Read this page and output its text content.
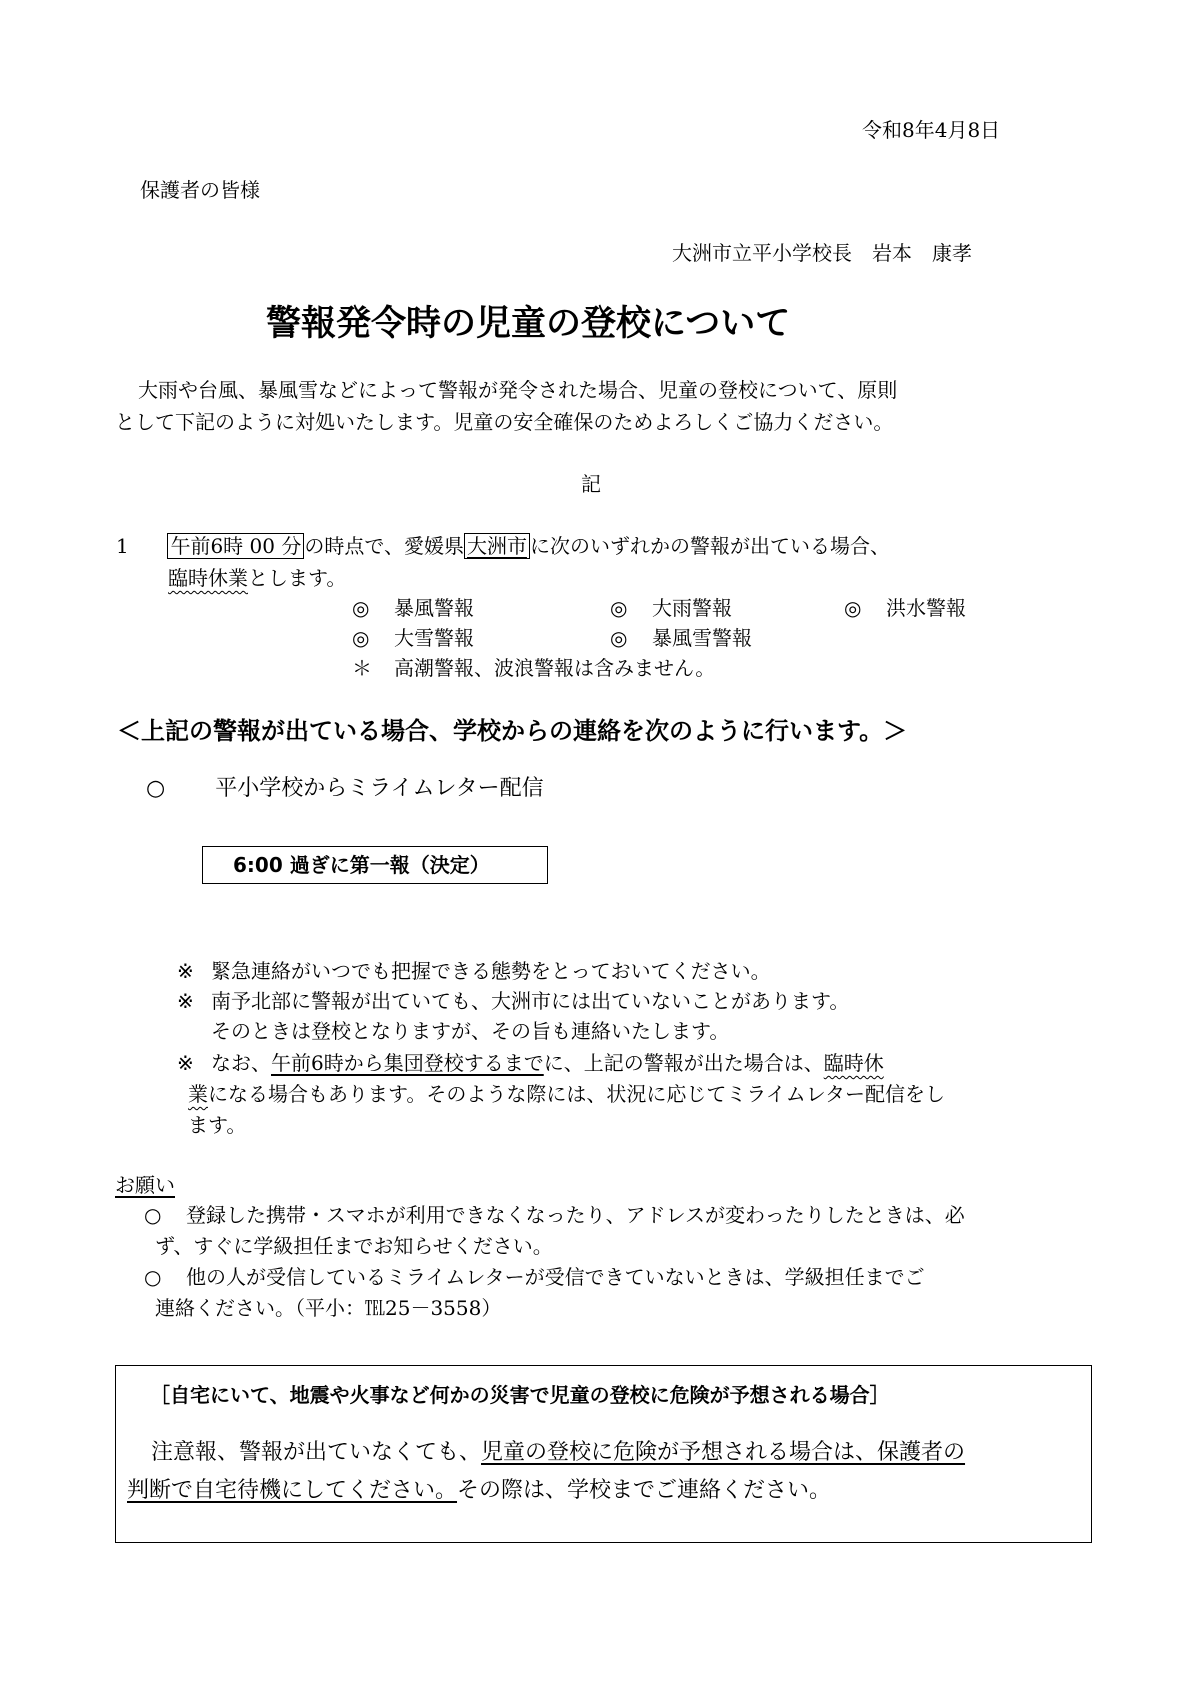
令和8年4月8日
保護者の皆様
大洲市立平小学校長　岩本　康孝
警報発令時の児童の登校について
大雨や台風、暴風雪などによって警報が発令された場合、児童の登校について、原則
として下記のように対処いたします。児童の安全確保のためよろしくご協力ください。
記
1 午前6時 00 分 の時点で、愛媛県 大洲市 に次のいずれかの警報が出ている場合、
臨時休業とします。
◎ 暴風警報	◎ 大雨警報	◎ 洪水警報
◎ 大雪警報	◎ 暴風雪警報
＊ 高潮警報、波浪警報は含みません。
＜上記の警報が出ている場合、学校からの連絡を次のように行います。＞
○ 平小学校からミライムレター配信
6:00 過ぎに第一報（決定）
※ 緊急連絡がいつでも把握できる態勢をとっておいてください。
※ 南予北部に警報が出ていても、大洲市には出ていないことがあります。
そのときは登校となりますが、その旨も連絡いたします。
※ なお、午前6時から集団登校するまでに、上記の警報が出た場合は、臨時休
業になる場合もあります。そのような際には、状況に応じてミライムレター配信をし
ます。
お願い
○ 登録した携帯・スマホが利用できなくなったり、アドレスが変わったりしたときは、必
ず、すぐに学級担任までお知らせください。
○ 他の人が受信しているミライムレターが受信できていないときは、学級担任までご
連絡ください。（平小：℡25－3558）
［自宅にいて、地震や火事など何かの災害で児童の登校に危険が予想される場合］
注意報、警報が出ていなくても、児童の登校に危険が予想される場合は、保護者の
判断で自宅待機にしてください。その際は、学校までご連絡ください。
